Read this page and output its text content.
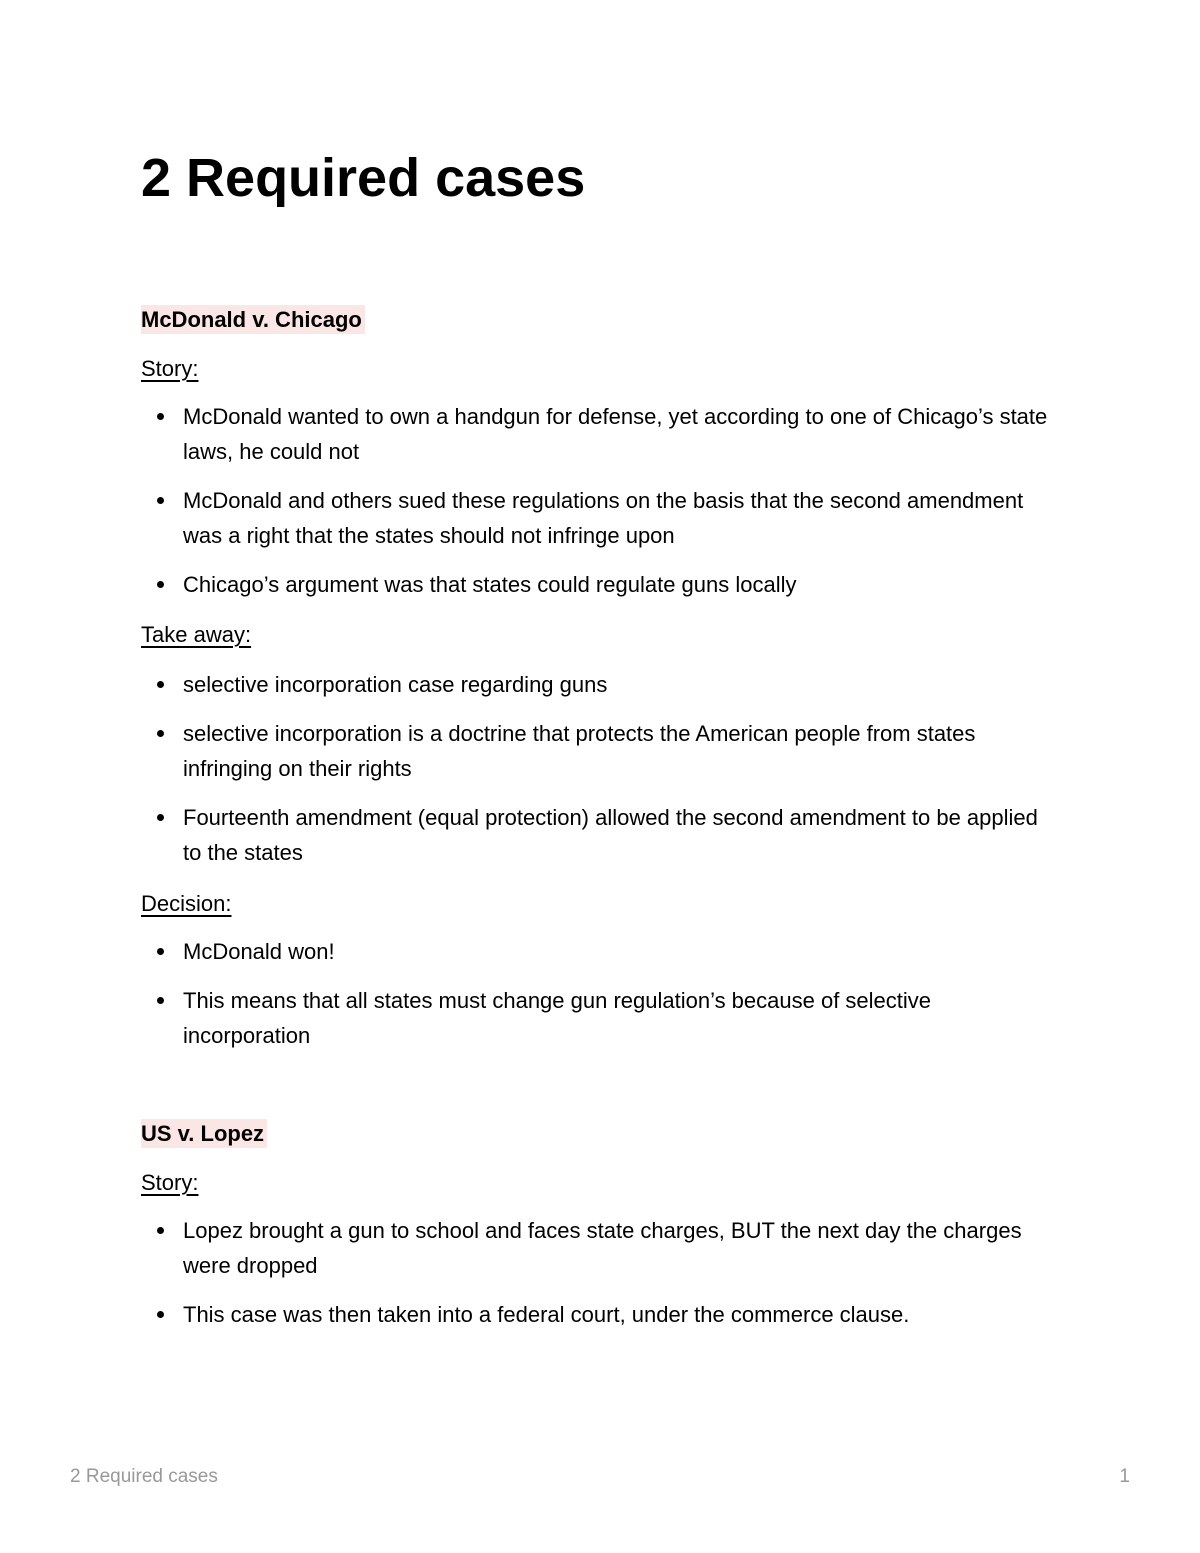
2 Required cases
McDonald v. Chicago

Story:

McDonald wanted to own a handgun for defense, yet according to one of Chicago’s state laws, he could not
McDonald and others sued these regulations on the basis that the second amendment was a right that the states should not infringe upon
Chicago’s argument was that states could regulate guns locally

Take away:

selective incorporation case regarding guns
selective incorporation is a doctrine that protects the American people from states infringing on their rights
Fourteenth amendment (equal protection) allowed the second amendment to be applied to the states

Decision:

McDonald won!
This means that all states must change gun regulation’s because of selective incorporation
US v. Lopez

Story:

Lopez brought a gun to school and faces state charges, BUT the next day the charges were dropped
This case was then taken into a federal court, under the commerce clause.
2 Required cases	1
